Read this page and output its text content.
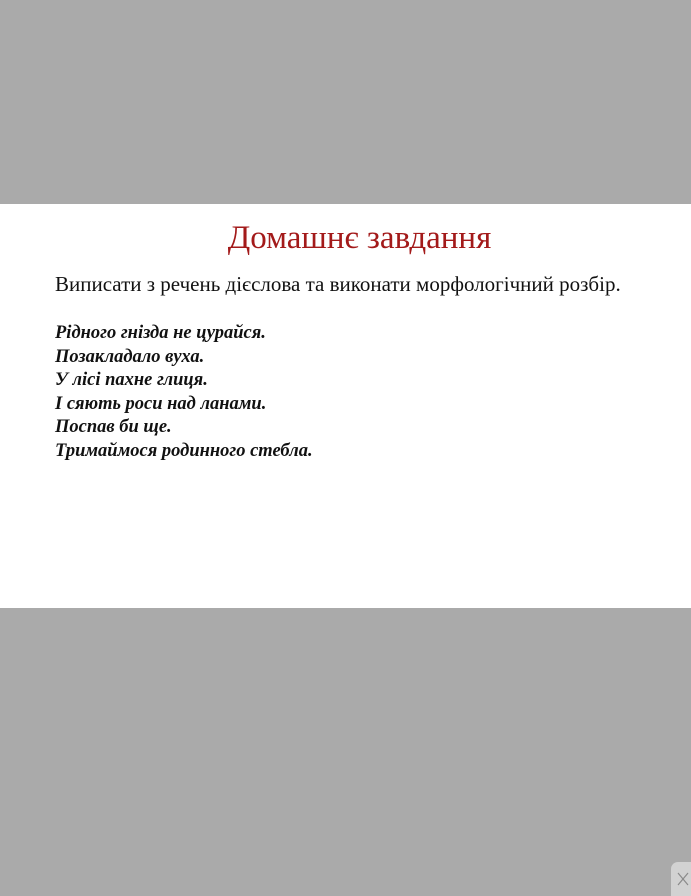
Домашнє завдання

Виписати з речень дієслова та виконати морфологічний розбір.

Рідного гнізда не цурайся.
Позакладало вуха.
У лісі пахне глиця.
І сяють роси над ланами.
Поспав би ще.
Тримаймося родинного стебла.
